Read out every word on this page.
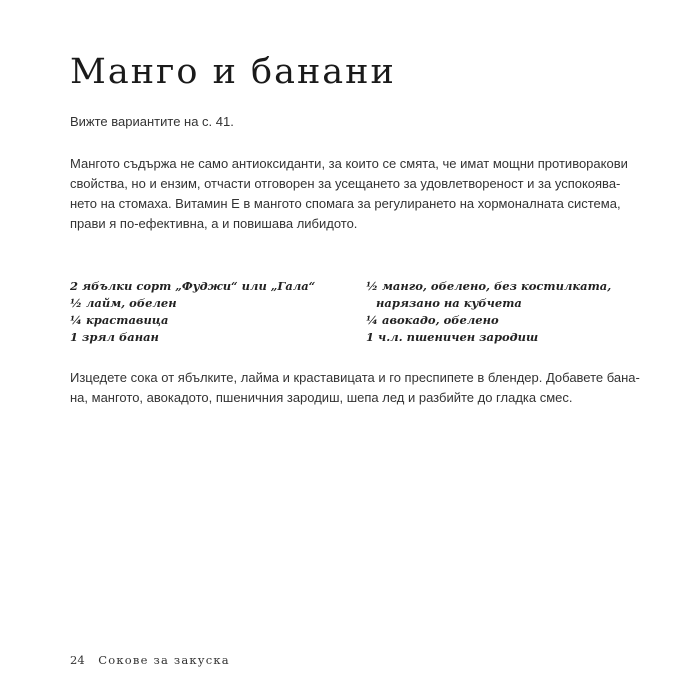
Манго и банани

Вижте вариантите на с. 41.

Мангото съдържа не само антиоксиданти, за които се смята, че имат мощни противоракови
свойства, но и ензим, отчасти отговорен за усещането за удовлетвореност и за успокоява-
нето на стомаха. Витамин Е в мангото спомага за регулирането на хормоналната система,
прави я по-ефективна, а и повишава либидото.
2 ябълки сорт „Фуджи“ или „Гала“
½ лайм, обелен
¼ краставица
1 зрял банан
½ манго, обелено, без костилката,
нарязано на кубчета
¼ авокадо, обелено
1 ч.л. пшеничен зародиш
Изцедете сока от ябълките, лайма и краставицата и го преспипете в блендер. Добавете бана-
на, мангото, авокадото, пшеничния зародиш, шепа лед и разбийте до гладка смес.
24 Сокове за закуска
